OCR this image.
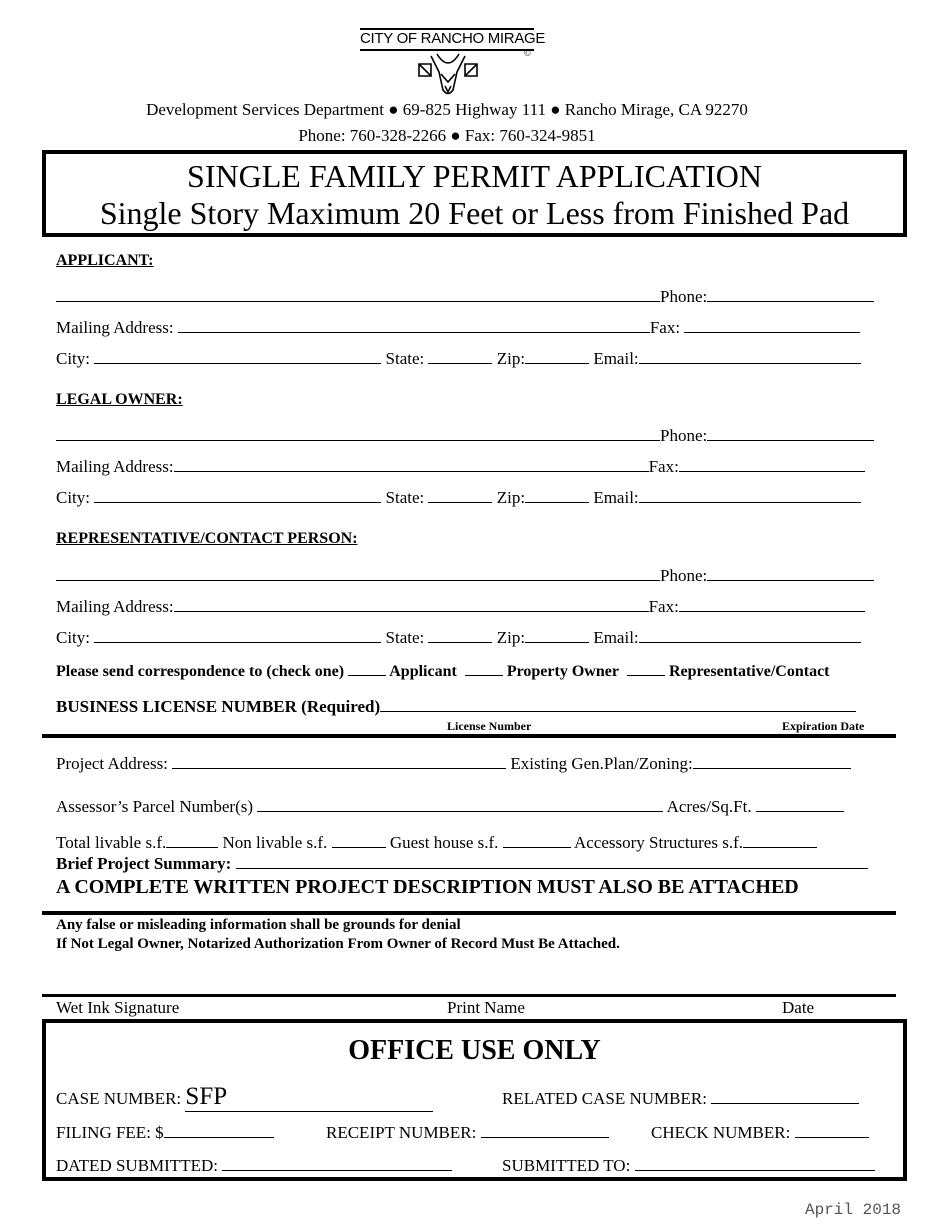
CITY OF RANCHO MIRAGE
©
Development Services Department ● 69-825 Highway 111 ● Rancho Mirage, CA 92270
Phone: 760-328-2266 ● Fax: 760-324-9851
SINGLE FAMILY PERMIT APPLICATION
Single Story Maximum 20 Feet or Less from Finished Pad
APPLICANT:
Phone:
Mailing Address:	Fax:
City:	State:	Zip:	Email:
LEGAL OWNER:
Phone:
Mailing Address:	Fax:
City:	State:	Zip:	Email:
REPRESENTATIVE/CONTACT PERSON:
Phone:
Mailing Address:	Fax:
City:	State:	Zip:	Email:
Please send correspondence to (check one)	Applicant	Property Owner	Representative/Contact
BUSINESS LICENSE NUMBER (Required)
License Number	Expiration Date
Project Address:	Existing Gen.Plan/Zoning:
Assessor’s Parcel Number(s)	Acres/Sq.Ft.
Total livable s.f.	Non livable s.f.	Guest house s.f.	Accessory Structures s.f.
Brief Project Summary:
A COMPLETE WRITTEN PROJECT DESCRIPTION MUST ALSO BE ATTACHED
Any false or misleading information shall be grounds for denial
If Not Legal Owner, Notarized Authorization From Owner of Record Must Be Attached.
Wet Ink Signature	Print Name	Date
OFFICE USE ONLY
CASE NUMBER: SFP	RELATED CASE NUMBER:
FILING FEE: $	RECEIPT NUMBER:	CHECK NUMBER:
DATED SUBMITTED:	SUBMITTED TO:
April 2018
